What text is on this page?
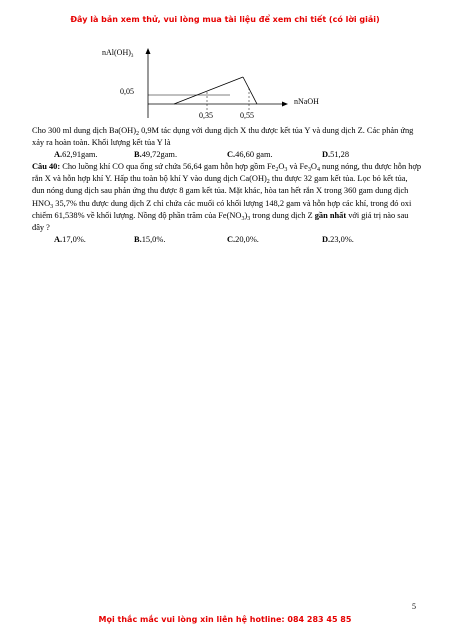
Đây là bản xem thử, vui lòng mua tài liệu để xem chi tiết (có lời giải)
$nAl(OH)_3$
nNaOH
0,05
0,35	0,55

Cho 300 ml dung dịch $Ba(OH)_2$ 0,9M tác dụng với dung dịch X thu được kết tủa Y và dung dịch Z. Các phản ứng xảy ra hoàn toàn. Khối lượng kết tủa Y là

A.62,91gam.	B.49,72gam.	C.46,60 gam.	D.51,28

Câu 40: Cho luồng khí CO qua ống sứ chứa 56,64 gam hỗn hợp gồm $Fe_2O_3$ và $Fe_3O_4$ nung nóng, thu được hỗn hợp rắn X và hỗn hợp khí Y. Hấp thu toàn bộ khí Y vào dung dịch $Ca(OH)_2$ thu được 32 gam kết tủa. Lọc bỏ kết tủa, đun nóng dung dịch sau phản ứng thu được 8 gam kết tủa. Mặt khác, hòa tan hết rắn X trong 360 gam dung dịch $HNO_3$ 35,7% thu được dung dịch Z chỉ chứa các muối có khối lượng 148,2 gam và hỗn hợp các khí, trong đó oxi chiếm 61,538% về khối lượng. Nồng độ phần trăm của $Fe(NO_3)_3$ trong dung dịch Z gần nhất với giá trị nào sau đây ?

A.17,0%.	B.15,0%.	C.20,0%.	D.23,0%.
5
Mọi thắc mắc vui lòng xin liên hệ hotline: 084 283 45 85
